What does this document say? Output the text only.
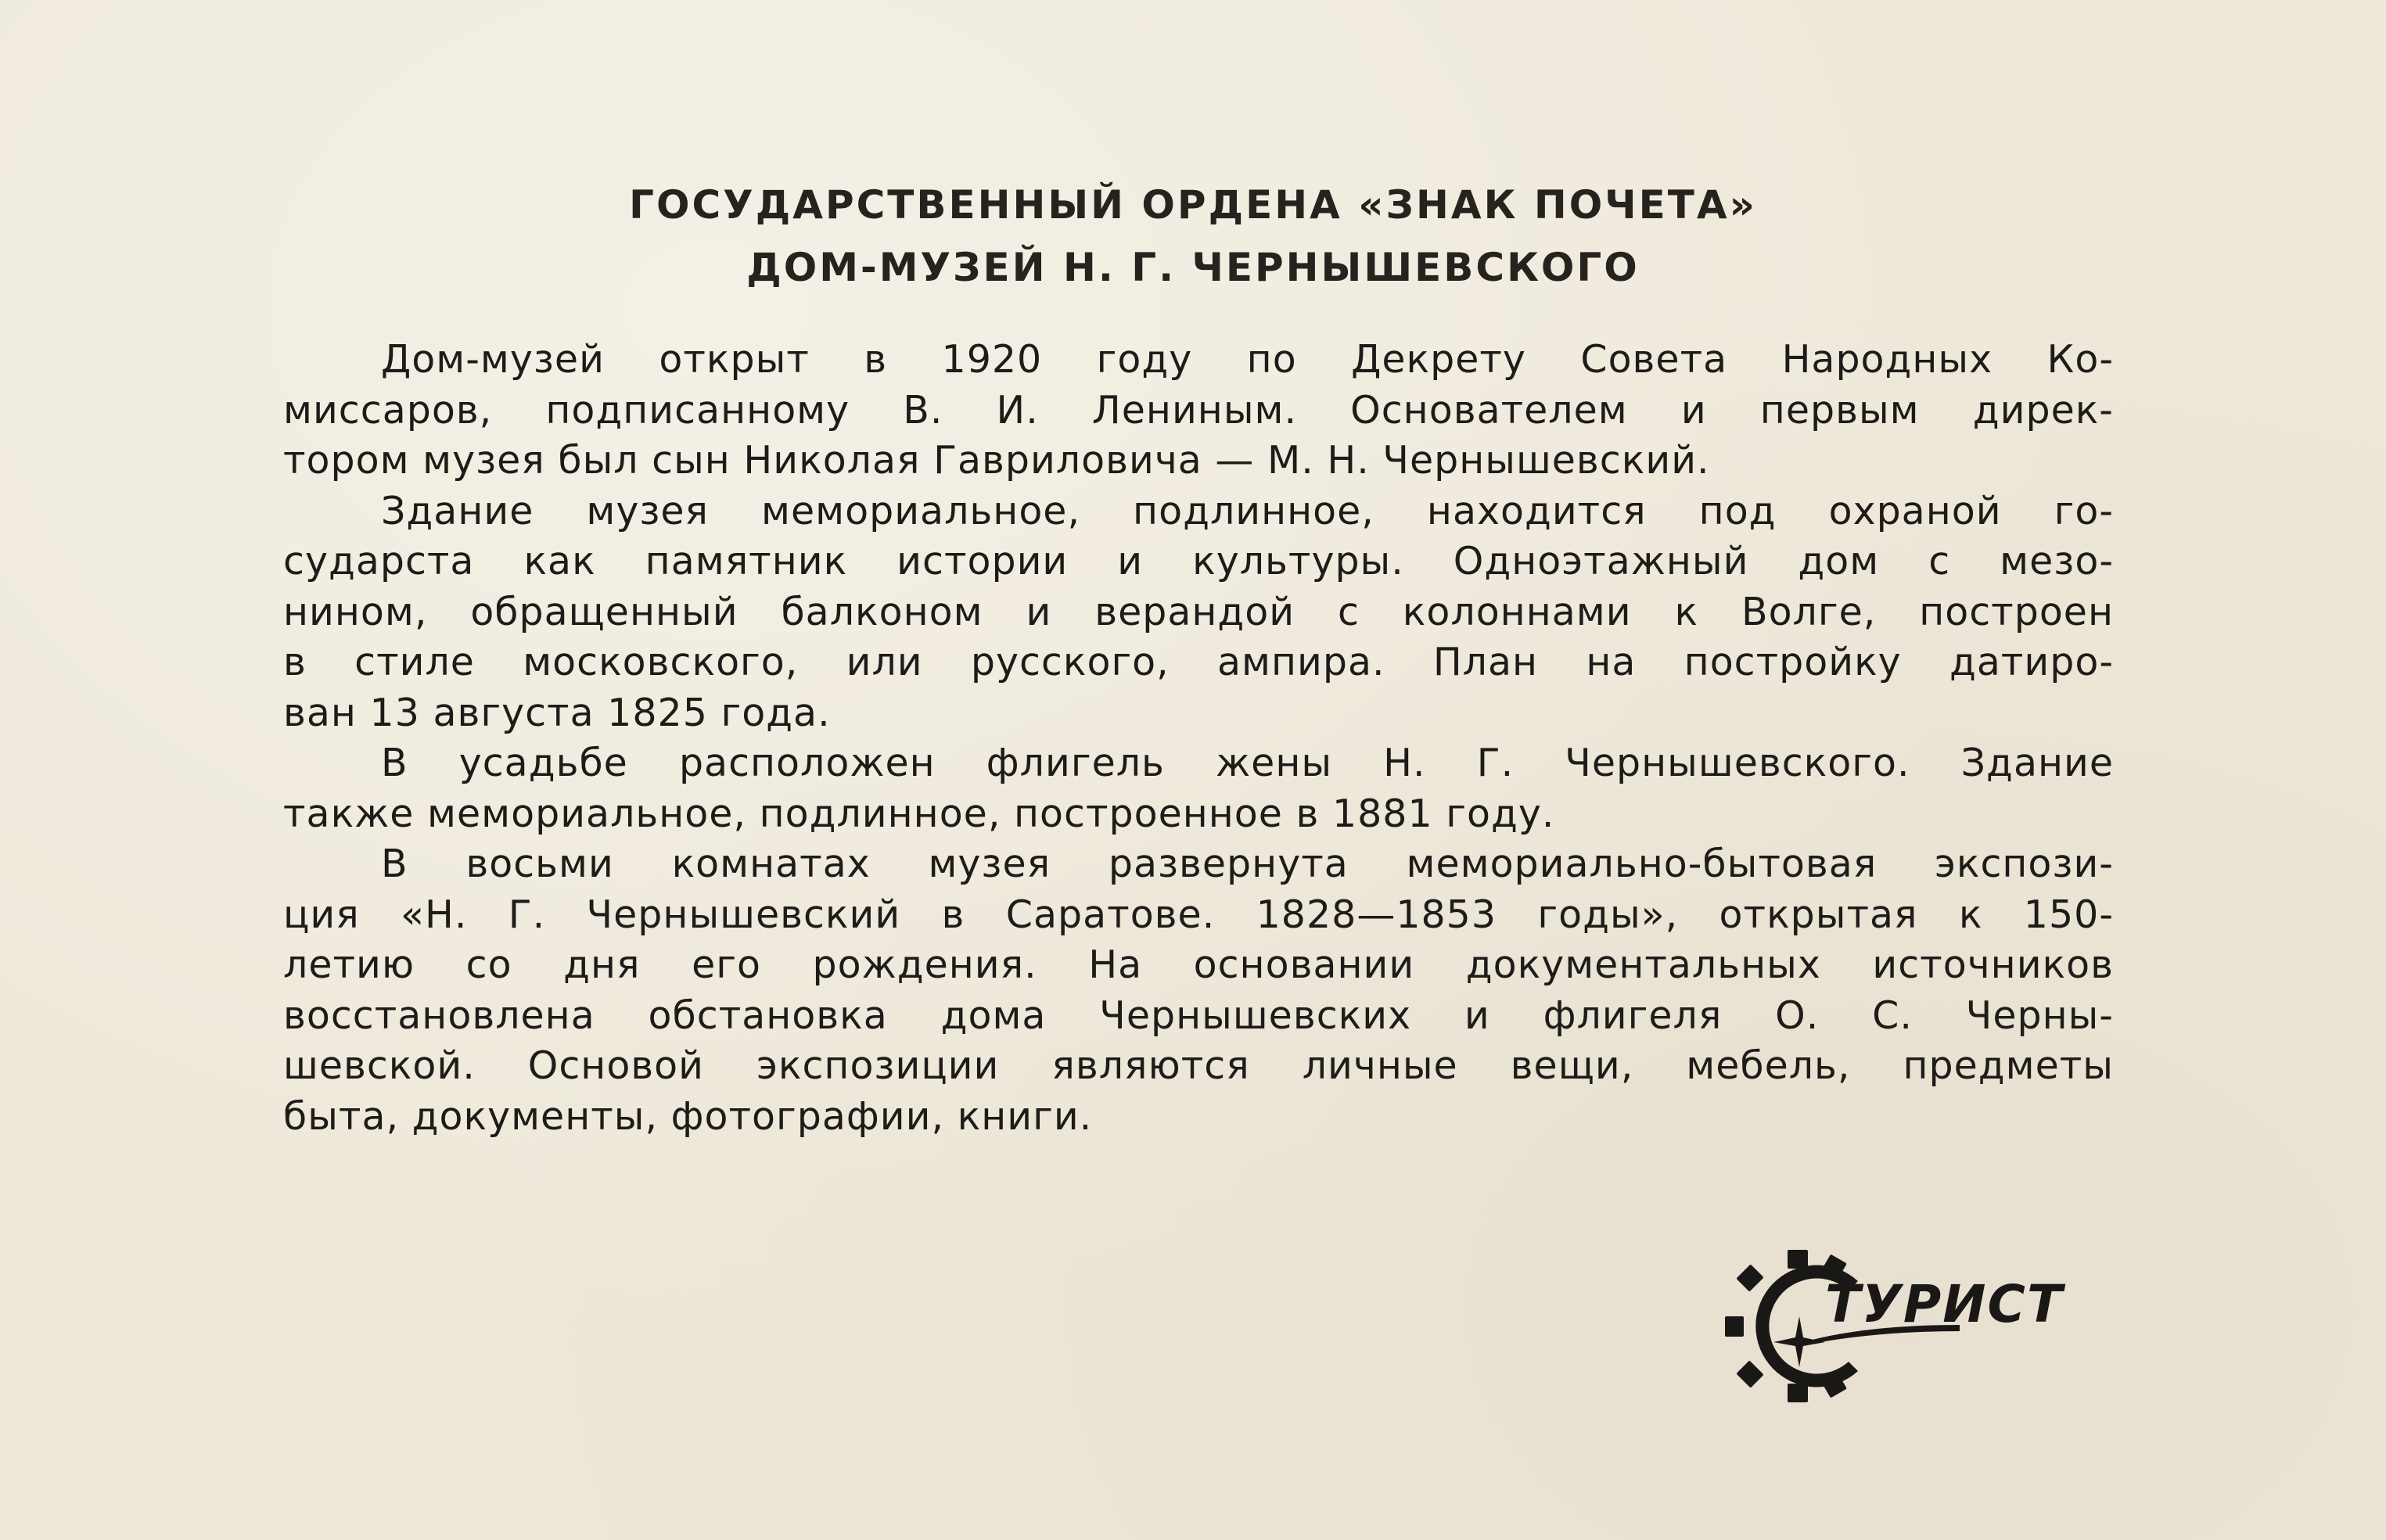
ГОСУДАРСТВЕННЫЙ ОРДЕНА «ЗНАК ПОЧЕТА»
ДОМ-МУЗЕЙ Н. Г. ЧЕРНЫШЕВСКОГО
Дом-музей открыт в 1920 году по Декрету Совета Народных Ко-
миссаров, подписанному В. И. Лениным. Основателем и первым дирек-
тором музея был сын Николая Гавриловича — М. Н. Чернышевский.
Здание музея мемориальное, подлинное, находится под охраной го-
сударста как памятник истории и культуры. Одноэтажный дом с мезо-
нином, обращенный балконом и верандой с колоннами к Волге, построен
в стиле московского, или русского, ампира. План на постройку датиро-
ван 13 августа 1825 года.
В усадьбе расположен флигель жены Н. Г. Чернышевского. Здание
также мемориальное, подлинное, построенное в 1881 году.
В восьми комнатах музея развернута мемориально-бытовая экспози-
ция «Н. Г. Чернышевский в Саратове. 1828—1853 годы», открытая к 150-
летию со дня его рождения. На основании документальных источников
восстановлена обстановка дома Чернышевских и флигеля О. С. Черны-
шевской. Основой экспозиции являются личные вещи, мебель, предметы
быта, документы, фотографии, книги.
ТУРИСТ
